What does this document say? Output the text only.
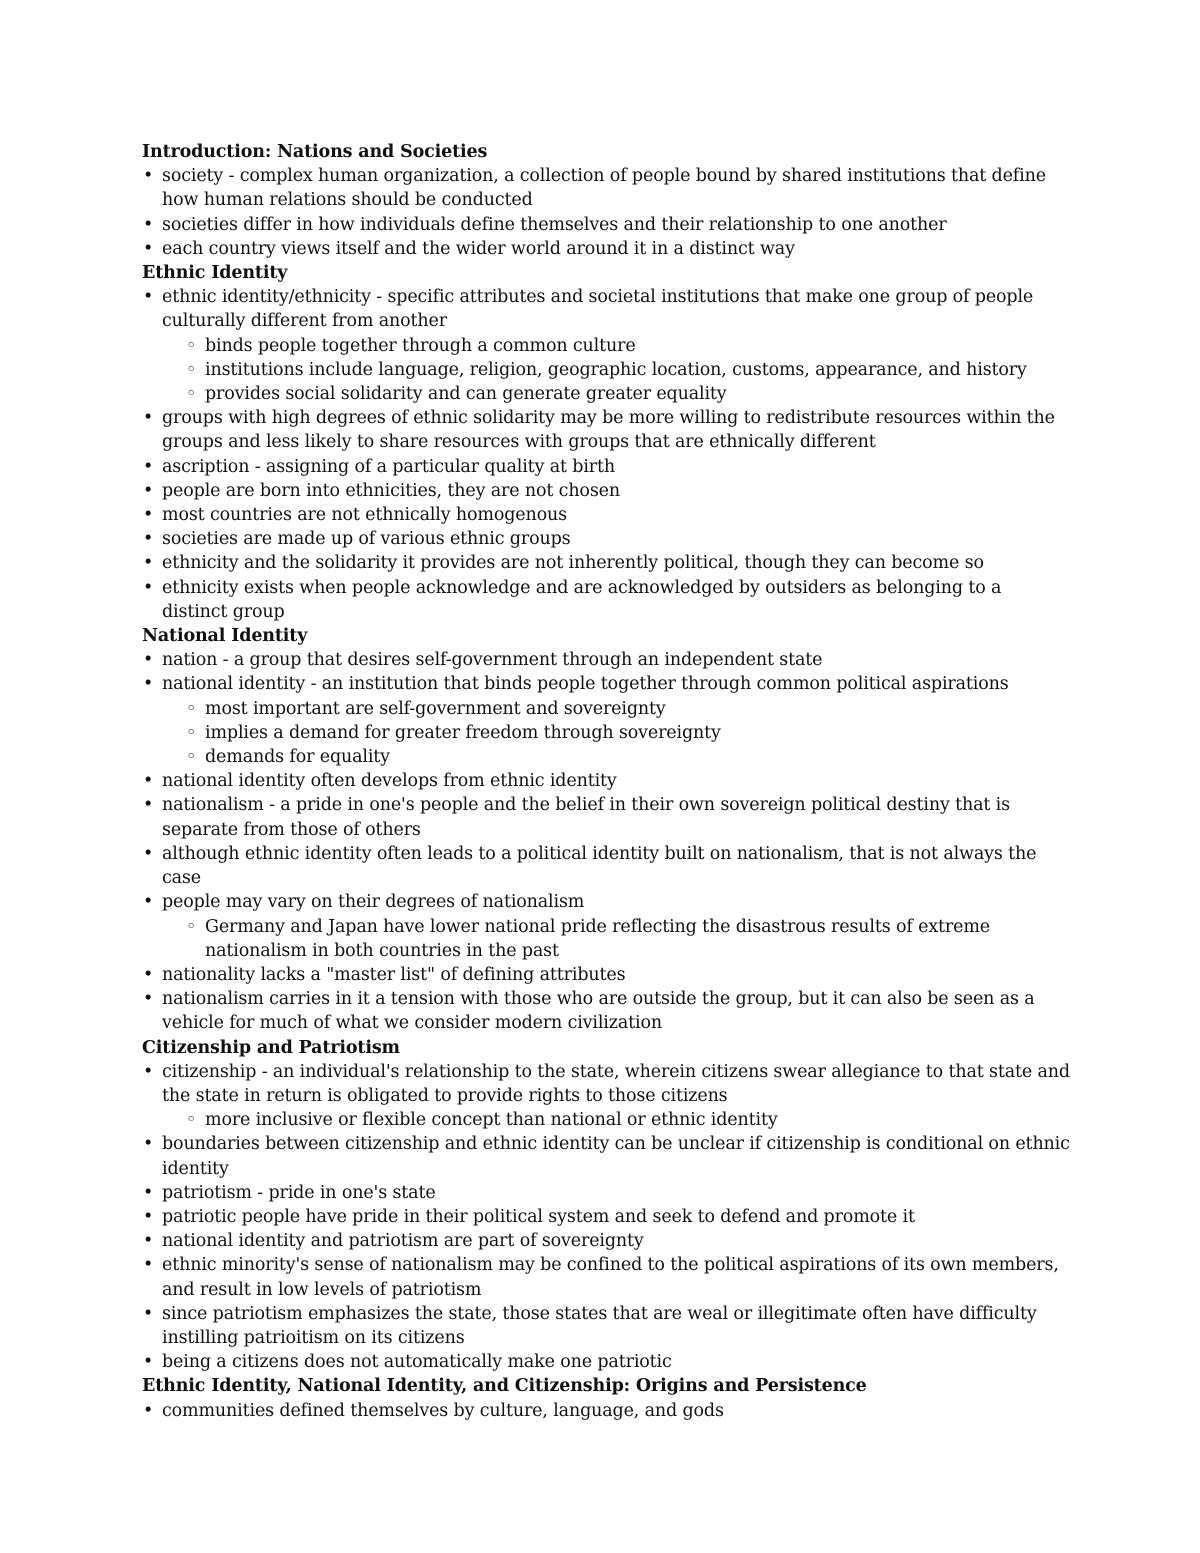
Introduction: Nations and Societies
• society - complex human organization, a collection of people bound by shared institutions that define how human relations should be conducted
• societies differ in how individuals define themselves and their relationship to one another
• each country views itself and the wider world around it in a distinct way
Ethnic Identity
• ethnic identity/ethnicity - specific attributes and societal institutions that make one group of people culturally different from another
◦ binds people together through a common culture
◦ institutions include language, religion, geographic location, customs, appearance, and history
◦ provides social solidarity and can generate greater equality
• groups with high degrees of ethnic solidarity may be more willing to redistribute resources within the groups and less likely to share resources with groups that are ethnically different
• ascription - assigning of a particular quality at birth
• people are born into ethnicities, they are not chosen
• most countries are not ethnically homogenous
• societies are made up of various ethnic groups
• ethnicity and the solidarity it provides are not inherently political, though they can become so
• ethnicity exists when people acknowledge and are acknowledged by outsiders as belonging to a distinct group
National Identity
• nation - a group that desires self-government through an independent state
• national identity - an institution that binds people together through common political aspirations
◦ most important are self-government and sovereignty
◦ implies a demand for greater freedom through sovereignty
◦ demands for equality
• national identity often develops from ethnic identity
• nationalism - a pride in one's people and the belief in their own sovereign political destiny that is separate from those of others
• although ethnic identity often leads to a political identity built on nationalism, that is not always the case
• people may vary on their degrees of nationalism
◦ Germany and Japan have lower national pride reflecting the disastrous results of extreme nationalism in both countries in the past
• nationality lacks a "master list" of defining attributes
• nationalism carries in it a tension with those who are outside the group, but it can also be seen as a vehicle for much of what we consider modern civilization
Citizenship and Patriotism
• citizenship - an individual's relationship to the state, wherein citizens swear allegiance to that state and the state in return is obligated to provide rights to those citizens
◦ more inclusive or flexible concept than national or ethnic identity
• boundaries between citizenship and ethnic identity can be unclear if citizenship is conditional on ethnic identity
• patriotism - pride in one's state
• patriotic people have pride in their political system and seek to defend and promote it
• national identity and patriotism are part of sovereignty
• ethnic minority's sense of nationalism may be confined to the political aspirations of its own members, and result in low levels of patriotism
• since patriotism emphasizes the state, those states that are weal or illegitimate often have difficulty instilling patrioitism on its citizens
• being a citizens does not automatically make one patriotic
Ethnic Identity, National Identity, and Citizenship: Origins and Persistence
• communities defined themselves by culture, language, and gods
